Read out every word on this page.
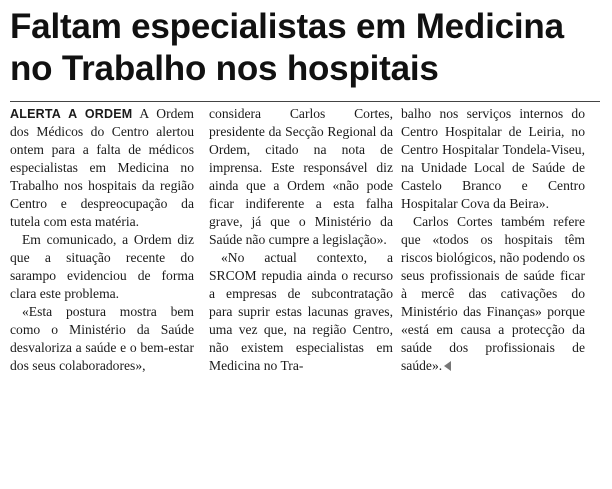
Faltam especialistas em Medicina
no Trabalho nos hospitais

ALERTA A ORDEM A Ordem dos Médicos do Centro alertou ontem para a falta de médicos especialistas em Medicina no Trabalho nos hospitais da região Centro e despreocupação da tutela com esta matéria.

Em comunicado, a Ordem diz que a situação recente do sarampo evidenciou de forma clara este problema.

«Esta postura mostra bem como o Ministério da Saúde desvaloriza a saúde e o bem-estar dos seus colaboradores»,

considera Carlos Cortes, presidente da Secção Regional da Ordem, citado na nota de imprensa. Este responsável diz ainda que a Ordem «não pode ficar indiferente a esta falha grave, já que o Ministério da Saúde não cumpre a legislação».

«No actual contexto, a SRCOM repudia ainda o recurso a empresas de subcontratação para suprir estas lacunas graves, uma vez que, na região Centro, não existem especialistas em Medicina no Tra-

balho nos serviços internos do Centro Hospitalar de Leiria, no Centro Hospitalar Tondela-Viseu, na Unidade Local de Saúde de Castelo Branco e Centro Hospitalar Cova da Beira».

Carlos Cortes também refere que «todos os hospitais têm riscos biológicos, não podendo os seus profissionais de saúde ficar à mercê das cativações do Ministério das Finanças» porque «está em causa a protecção da saúde dos profissionais de saúde».
